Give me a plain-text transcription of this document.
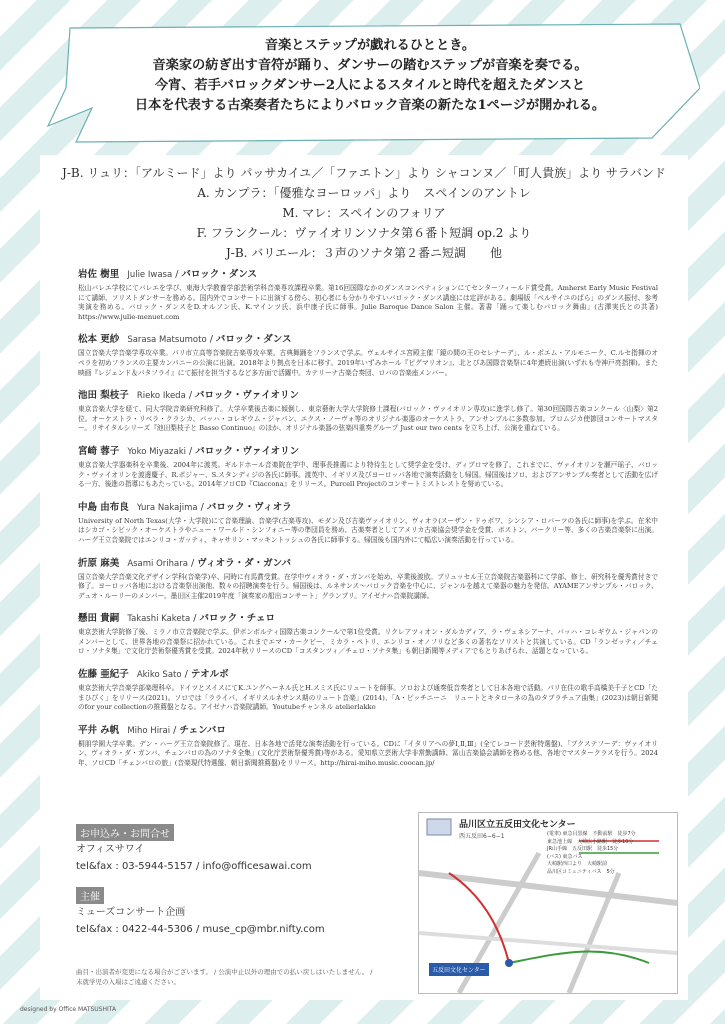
音楽とステップが戯れるひととき。
音楽家の紡ぎ出す音符が踊り、ダンサーの踏むステップが音楽を奏でる。
今宵、若手バロックダンサー2人によるスタイルと時代を超えたダンスと
日本を代表する古楽奏者たちによりバロック音楽の新たな1ページが開かれる。
J-B. リュリ：「アルミード」より パッサカイユ／「ファエトン」より シャコンヌ／「町人貴族」より サラバンド
A. カンプラ：「優雅なヨーロッパ」より　スペインのアントレ
M. マレ：スペインのフォリア
F. フランクール：ヴァイオリンソナタ第６番ト短調 op.2 より
J-B. バリエール：３声のソナタ第２番ニ短調　　他
岩佐 樹里 Julie Iwasa / バロック・ダンス
松山バレエ学校にてバレエを学び、東海大学教養学部芸術学科音楽専攻課程卒業。第16回国際なかのダンスコンペティションにてセンターフィールド賞受賞。Amherst Early Music Festivalにて講師、ソリストダンサーを務める。国内外でコンサートに出演する傍ら、初心者にも分かりやすいバロック・ダンス講座には定評がある。劇場版「ベルサイユのばら」のダンス振付、参考実演を務める。バロック・ダンスをD.オルソン氏、K.マインツ氏、浜中康子氏に師事。Julie Baroque Dance Salon 主催。著書「踊って楽しむバロック舞曲」(古澤実氏との共著) https://www.julie-menuet.com
松本 更紗 Sarasa Matsumoto / バロック・ダンス
国立音楽大学音楽学専攻卒業。パリ市立高等音楽院古楽専攻卒業。古典舞踊をフランスで学ぶ。ヴェルサイユ宮殿主催「鏡の間の王のセレナーデ」、ル・ポエム・アルモニーク、C.ルセ指揮のオペラを初めフランスの主要カンパニーの公演に出演。2018年より拠点を日本に移す。2019年いずみホール『ピグマリオン』、北とぴあ国際音楽祭に4年連続出演(いずれも寺神戸亮指揮)。また映画『レジェンド＆バタフライ』にて振付を担当するなど多方面で活躍中。カテリーナ古楽合奏団、ロバの音楽座メンバー。
池田 梨枝子 Rieko Ikeda / バロック・ヴァイオリン
東京音楽大学を経て、同大学院音楽研究科修了。大学卒業後古楽に傾倒し、東京藝術大学大学院修士課程(バロック・ヴァイオリン専攻)に進学し修了。第30回国際古楽コンクール〈山梨〉第2位。オーケストラ・リベラ・クラシカ、バッハ・コレギウム・ジャパン、エクス・ノーヴォ等のオリジナル楽器のオーケストラ、アンサンブルに多数参加。プロムジカ使節団コンサートマスター。リサイタルシリーズ『池田梨枝子と Basso Continuo』のほか、オリジナル楽器の弦楽四重奏グループ Just our two cents を立ち上げ、公演を重ねている。
宮崎 蓉子 Yoko Miyazaki / バロック・ヴァイオリン
東京音楽大学器楽科を卒業後、2004年に渡英。ギルドホール音楽院在学中、理事長推薦により特待生として奨学金を受け、ディプロマを修了。これまでに、ヴァイオリンを瀬戸瑶子、バロック・ヴァイオリンを渡邊慶子、R.ポジャー、S.スタンディジの各氏に師事。渡英中、イギリス及びヨーロッパ各地で演奏活動をし帰国。帰国後はソロ、およびアンサンブル奏者として活動を広げる一方、後進の指導にもあたっている。2014年ソロCD『Ciaccona』をリリース。Purcell Projectのコンサートミストレストを努めている。
中島 由布良 Yura Nakajima / バロック・ヴィオラ
University of North Texas(大学・大学院)にて音楽理論、音楽学(古楽専攻)、モダン及び古楽ヴァイオリン、ヴィオラ(スーザン・ドゥボワ、シンシア・ロバーツの各氏に師事)を学ぶ。在米中はシカゴ・シビック・オーケストラやニュー・ワールド・シンフォニー等の準団員を務め、古楽奏者としてアメリカ古楽協会奨学金を受賞、ボストン、バークリー等、多くの古楽音楽祭に出演。ハーグ王立音楽院ではエンリコ・ガッティ、キャサリン・マッキントッシュの各氏に師事する。帰国後も国内外にて幅広い演奏活動を行っている。
折原 麻美 Asami Orihara / ヴィオラ・ダ・ガンバ
国立音楽大学音楽文化デザイン学科(音楽学)卒、同時に有馬賞受賞。在学中ヴィオラ・ダ・ガンバを始め、卒業後渡欧。ブリュッセル王立音楽院古楽器科にて学部、修士、研究科を優秀賞付きで修了。ヨーロッパ各地における音楽祭出演他、数々の招聘演奏を行う。帰国後は、ルネサンス〜バロック音楽を中心に、ジャンルを越えて楽器の魅力を発信。AYAMEアンサンブル・バロック、デュオ・ルーリーのメンバー。墨田区主催2019年度「演奏家の船出コンサート」グランプリ。アイゼナハ音楽院講師。
懸田 貴嗣 Takashi Kaketa / バロック・チェロ
東京芸術大学院修了後、ミラノ市立音楽院で学ぶ。伊ボンポルティ国際古楽コンクールで第1位受賞。リクレアツィオン・ダルカディア、ラ・ヴェネシアーナ、バッハ・コレギウム・ジャパンのメンバーとして、世界各地の音楽祭に招かれている。これまでエマ・カークビー、ミカラ・ペトリ、エンリコ・オノフリなど多くの著名なソリストと共演している。CD「ランゼッティ／チェロ・ソナタ集」で文化庁芸術祭優秀賞を受賞。2024年秋リリースのCD「コスタンツィ／チェロ・ソナタ集」も朝日新聞等メディアでもとりあげられ、話題となっている。
佐藤 亜紀子 Akiko Sato / テオルボ
東京芸術大学音楽学部楽理科卒。ドイツとスイスにてK.ユングヘーネル氏とH.スミス氏にリュートを師事。ソロおよび通奏低音奏者として日本各地で活動。パリ在住の歌手高橋美千子とCD「たまひびく」をリリース(2021)。ソロでは「ラライパ、イギリスルネサンス期のリュート音楽」(2014)、「A・ピッチニーニ　リュートとキタローネの為のタブラチュア曲集」(2023)は朝日新聞のfor your collectionの推薦盤となる。アイゼナハ音楽院講師。Youtubeチャンネル atelierlakko
平井 み帆 Miho Hirai / チェンバロ
桐朋学園大学卒業。デン・ハーグ王立音楽院修了。現在、日本各地で活発な演奏活動を行っている。CDに「イタリアへの夢Ⅰ,Ⅱ,Ⅲ」(全てレコード芸術特選盤)、「ブクステフーデ：ヴァイオリン、ヴィオラ・ダ・ガンバ、チェンバロの為のソナタ全集」(文化庁芸術祭優秀賞)等がある。愛知県立芸術大学非常勤講師、冨山古楽協会講師を務める他、各地でマスタークラスを行う。2024年、ソロCD「チェンバロの旅」(音楽現代特選盤、朝日新聞推薦盤)をリリース。http://hirai-miho.music.coocan.jp/
お申込み・お問合せ
オフィスサワイ
tel&fax : 03-5944-5157 / info@officesawai.com
主催
ミューズコンサート企画
tel&fax : 0422-44-5306 / muse_cp@mbr.nifty.com
曲目・出演者が変更になる場合がございます。 / 公演中止以外の理由での払い戻しはいたしません。 /
未就学児の入場はご遠慮ください。
designed by Office MATSUSHITA
品川区立五反田文化センター
西五反田6−6−1	(電車) 東急目黒線　不動前駅　徒歩7分
東急池上線　大崎広小路駅　徒歩10分
JR山手線　五反田駅　徒歩15分
(バス) 東急バス
大崎駅西口より　大崎駅前
品川区コミュニティバス　5分
五反田文化センター
